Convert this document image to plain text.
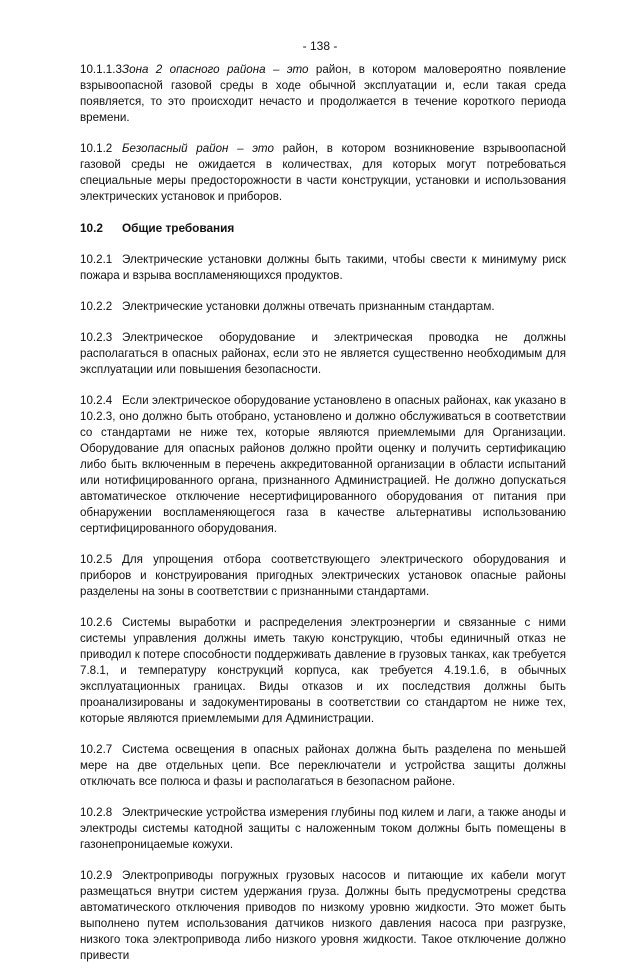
- 138 -

10.1.1.3Зона 2 опасного района – это район, в котором маловероятно появление взрывоопасной газовой среды в ходе обычной эксплуатации и, если такая среда появляется, то это происходит нечасто и продолжается в течение короткого периода времени.

10.1.2 Безопасный район – это район, в котором возникновение взрывоопасной газовой среды не ожидается в количествах, для которых могут потребоваться специальные меры предосторожности в части конструкции, установки и использования электрических установок и приборов.

10.2 Общие требования

10.2.1 Электрические установки должны быть такими, чтобы свести к минимуму риск пожара и взрыва воспламеняющихся продуктов.

10.2.2 Электрические установки должны отвечать признанным стандартам.

10.2.3 Электрическое оборудование и электрическая проводка не должны располагаться в опасных районах, если это не является существенно необходимым для эксплуатации или повышения безопасности.

10.2.4 Если электрическое оборудование установлено в опасных районах, как указано в 10.2.3, оно должно быть отобрано, установлено и должно обслуживаться в соответствии со стандартами не ниже тех, которые являются приемлемыми для Организации. Оборудование для опасных районов должно пройти оценку и получить сертификацию либо быть включенным в перечень аккредитованной организации в области испытаний или нотифицированного органа, признанного Администрацией. Не должно допускаться автоматическое отключение несертифицированного оборудования от питания при обнаружении воспламеняющегося газа в качестве альтернативы использованию сертифицированного оборудования.

10.2.5 Для упрощения отбора соответствующего электрического оборудования и приборов и конструирования пригодных электрических установок опасные районы разделены на зоны в соответствии с признанными стандартами.

10.2.6 Системы выработки и распределения электроэнергии и связанные с ними системы управления должны иметь такую конструкцию, чтобы единичный отказ не приводил к потере способности поддерживать давление в грузовых танках, как требуется 7.8.1, и температуру конструкций корпуса, как требуется 4.19.1.6, в обычных эксплуатационных границах. Виды отказов и их последствия должны быть проанализированы и задокументированы в соответствии со стандартом не ниже тех, которые являются приемлемыми для Администрации.

10.2.7 Система освещения в опасных районах должна быть разделена по меньшей мере на две отдельных цепи. Все переключатели и устройства защиты должны отключать все полюса и фазы и располагаться в безопасном районе.

10.2.8 Электрические устройства измерения глубины под килем и лаги, а также аноды и электроды системы катодной защиты с наложенным током должны быть помещены в газонепроницаемые кожухи.

10.2.9 Электроприводы погружных грузовых насосов и питающие их кабели могут размещаться внутри систем удержания груза. Должны быть предусмотрены средства автоматического отключения приводов по низкому уровню жидкости. Это может быть выполнено путем использования датчиков низкого давления насоса при разгрузке, низкого тока электропривода либо низкого уровня жидкости. Такое отключение должно привести
